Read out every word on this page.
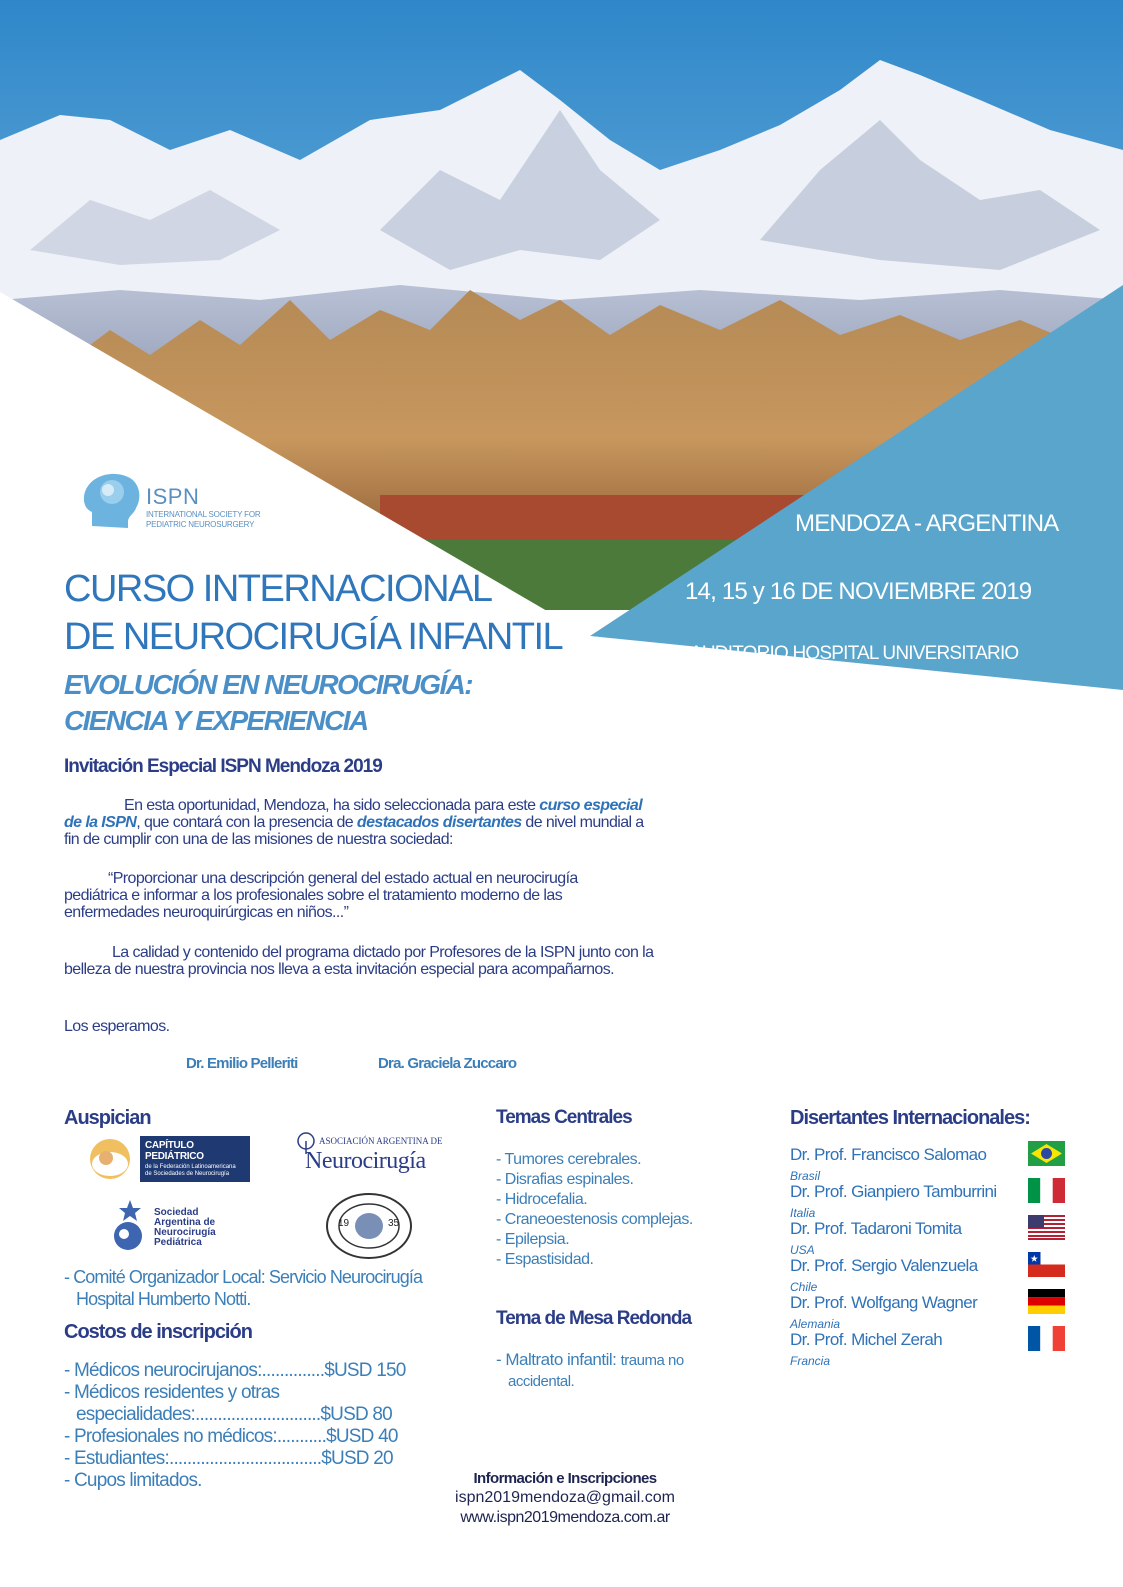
ISPN
INTERNATIONAL SOCIETY FOR
PEDIATRIC NEUROSURGERY	MENDOZA - ARGENTINA
14, 15 y 16 DE NOVIEMBRE 2019
AUDITORIO HOSPITAL UNIVERSITARIO
CURSO INTERNACIONAL
DE NEUROCIRUGÍA INFANTIL
EVOLUCIÓN EN NEUROCIRUGÍA:
CIENCIA Y EXPERIENCIA
Invitación Especial ISPN Mendoza 2019
En esta oportunidad, Mendoza, ha sido seleccionada para este curso especial de la ISPN, que contará con la presencia de destacados disertantes de nivel mundial a fin de cumplir con una de las misiones de nuestra sociedad:
“Proporcionar una descripción general del estado actual en neurocirugía pediátrica e informar a los profesionales sobre el tratamiento moderno de las enfermedades neuroquirúrgicas en niños...”
La calidad y contenido del programa dictado por Profesores de la ISPN junto con la belleza de nuestra provincia nos lleva a esta invitación especial para acompañarnos.
Los esperamos.
Dr. Emilio Pelleriti	Dra. Graciela Zuccaro
Auspician
CAPÍTULO PEDIÁTRICO
de la Federación Latinoamericana
de Sociedades de Neurocirugía
ASOCIACIÓN ARGENTINA DE
Neurocirugía
Sociedad
Argentina de
Neurocirugía
Pediátrica
19	35
- Comité Organizador Local: Servicio Neurocirugía
Hospital Humberto Notti.
Costos de inscripción
- Médicos neurocirujanos:..............$USD 150
- Médicos residentes y otras
especialidades:............................$USD 80
- Profesionales no médicos:...........$USD 40
- Estudiantes:..................................$USD 20
- Cupos limitados.
Temas Centrales
- Tumores cerebrales.
- Disrafias espinales.
- Hidrocefalia.
- Craneoestenosis complejas.
- Epilepsia.
- Espastisidad.
Tema de Mesa Redonda
- Maltrato infantil: trauma no
accidental.
Disertantes Internacionales:
Dr. Prof. Francisco Salomao
Brasil
Dr. Prof. Gianpiero Tamburrini
Italia
Dr. Prof. Tadaroni Tomita
USA
Dr. Prof. Sergio Valenzuela
Chile
Dr. Prof. Wolfgang Wagner
Alemania
Dr. Prof. Michel Zerah
Francia
Información e Inscripciones
ispn2019mendoza@gmail.com
www.ispn2019mendoza.com.ar
